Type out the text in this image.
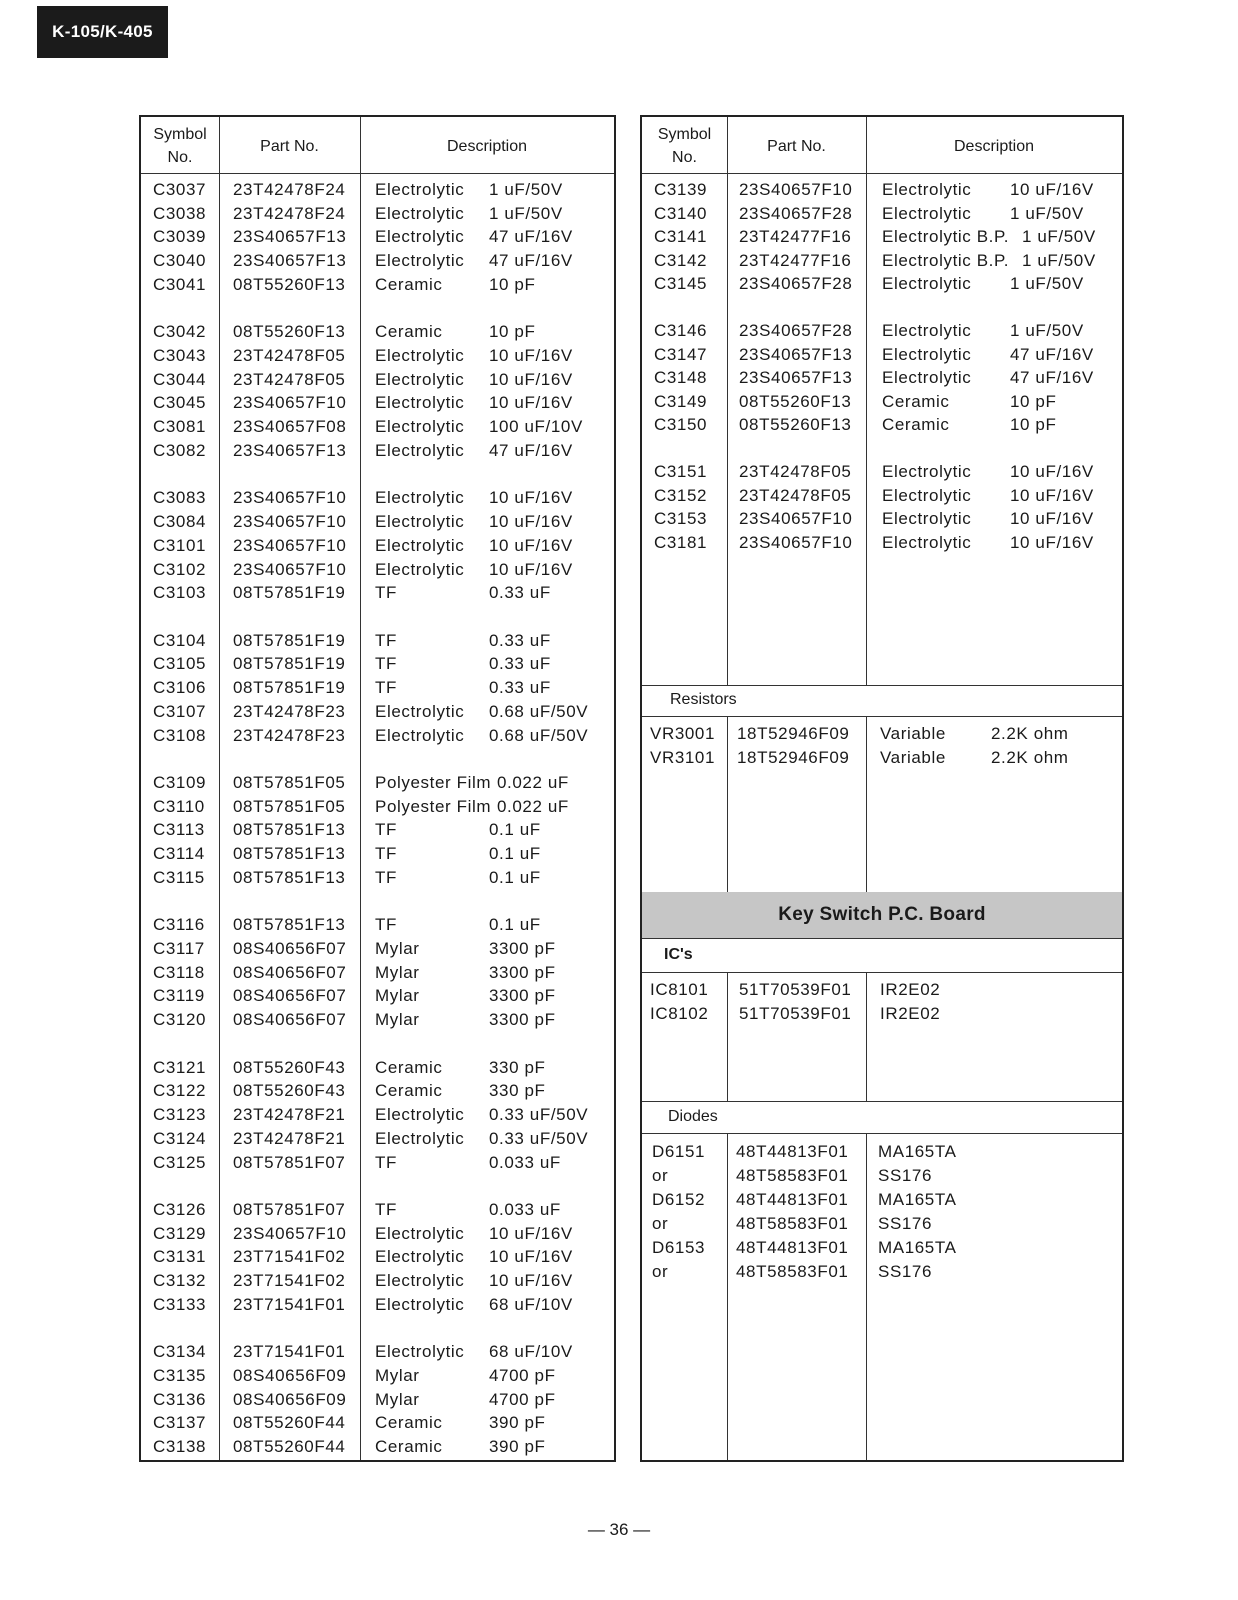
K-105/K-405
Symbol
No.
Part No.	Description
C3037 23T42478F24 Electrolytic 1 uF/50V
C3038 23T42478F24 Electrolytic 1 uF/50V
C3039 23S40657F13 Electrolytic 47 uF/16V
C3040 23S40657F13 Electrolytic 47 uF/16V
C3041 08T55260F13 Ceramic	10 pF
C3042 08T55260F13 Ceramic	10 pF
C3043 23T42478F05 Electrolytic 10 uF/16V
C3044 23T42478F05 Electrolytic 10 uF/16V
C3045 23S40657F10 Electrolytic 10 uF/16V
C3081 23S40657F08 Electrolytic 100 uF/10V
C3082 23S40657F13 Electrolytic 47 uF/16V
C3083 23S40657F10 Electrolytic 10 uF/16V
C3084 23S40657F10 Electrolytic 10 uF/16V
C3101 23S40657F10 Electrolytic 10 uF/16V
C3102 23S40657F10 Electrolytic 10 uF/16V
C3103 08T57851F19 TF	0.33 uF
C3104 08T57851F19 TF	0.33 uF
C3105 08T57851F19 TF	0.33 uF
C3106 08T57851F19 TF	0.33 uF
C3107 23T42478F23 Electrolytic 0.68 uF/50V
C3108 23T42478F23 Electrolytic 0.68 uF/50V
C3109 08T57851F05 Polyester Film 0.022 uF
C3110 08T57851F05 Polyester Film 0.022 uF
C3113 08T57851F13 TF	0.1 uF
C3114 08T57851F13 TF	0.1 uF
C3115 08T57851F13 TF	0.1 uF
C3116 08T57851F13 TF	0.1 uF
C3117 08S40656F07 Mylar	3300 pF
C3118 08S40656F07 Mylar	3300 pF
C3119 08S40656F07 Mylar	3300 pF
C3120 08S40656F07 Mylar	3300 pF
C3121 08T55260F43 Ceramic	330 pF
C3122 08T55260F43 Ceramic	330 pF
C3123 23T42478F21 Electrolytic 0.33 uF/50V
C3124 23T42478F21 Electrolytic 0.33 uF/50V
C3125 08T57851F07 TF	0.033 uF
C3126 08T57851F07 TF	0.033 uF
C3129 23S40657F10 Electrolytic 10 uF/16V
C3131 23T71541F02 Electrolytic 10 uF/16V
C3132 23T71541F02 Electrolytic 10 uF/16V
C3133 23T71541F01 Electrolytic 68 uF/10V
C3134 23T71541F01 Electrolytic 68 uF/10V
C3135 08S40656F09 Mylar	4700 pF
C3136 08S40656F09 Mylar	4700 pF
C3137 08T55260F44 Ceramic	390 pF
C3138 08T55260F44 Ceramic	390 pF
Symbol
No.
Part No.	Description
Resistors
Key Switch P.C. Board
IC's
Diodes
C3139 23S40657F10 Electrolytic 10 uF/16V
C3140 23S40657F28 Electrolytic 1 uF/50V
C3141 23T42477F16 Electrolytic B.P. 1 uF/50V
C3142 23T42477F16 Electrolytic B.P. 1 uF/50V
C3145 23S40657F28 Electrolytic 1 uF/50V
C3146 23S40657F28 Electrolytic 1 uF/50V
C3147 23S40657F13 Electrolytic 47 uF/16V
C3148 23S40657F13 Electrolytic 47 uF/16V
C3149 08T55260F13 Ceramic	10 pF
C3150 08T55260F13 Ceramic	10 pF
C3151 23T42478F05 Electrolytic 10 uF/16V
C3152 23T42478F05 Electrolytic 10 uF/16V
C3153 23S40657F10 Electrolytic 10 uF/16V
C3181 23S40657F10 Electrolytic 10 uF/16V
VR3001 18T52946F09 Variable	2.2K ohm
VR3101 18T52946F09 Variable	2.2K ohm
IC8101 51T70539F01 IR2E02
IC8102 51T70539F01 IR2E02
D6151 48T44813F01 MA165TA
or	48T58583F01 SS176
D6152 48T44813F01 MA165TA
or	48T58583F01 SS176
D6153 48T44813F01 MA165TA
or	48T58583F01 SS176
— 36 —
